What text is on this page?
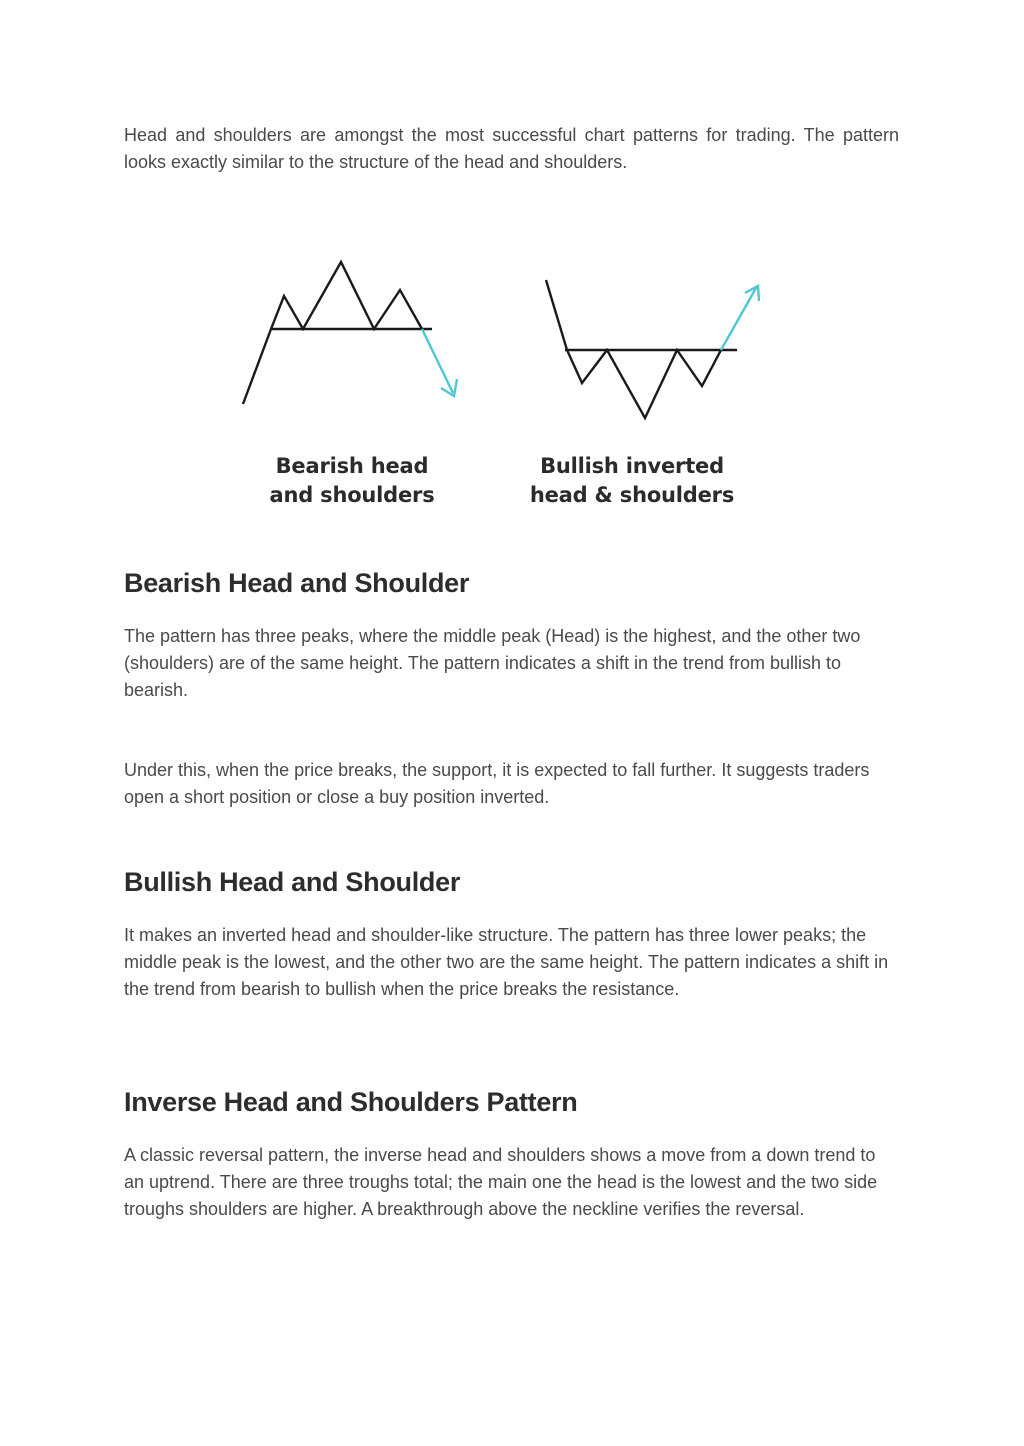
Head and shoulders are amongst the most successful chart patterns for trading. The pattern looks exactly similar to the structure of the head and shoulders.

Bearish head
and shoulders
Bullish inverted
head & shoulders
Bearish Head and Shoulder

The pattern has three peaks, where the middle peak (Head) is the highest, and the other two (shoulders) are of the same height. The pattern indicates a shift in the trend from bullish to bearish.

Under this, when the price breaks, the support, it is expected to fall further. It suggests traders open a short position or close a buy position inverted.

Bullish Head and Shoulder

It makes an inverted head and shoulder-like structure. The pattern has three lower peaks; the middle peak is the lowest, and the other two are the same height. The pattern indicates a shift in the trend from bearish to bullish when the price breaks the resistance.

Inverse Head and Shoulders Pattern

A classic reversal pattern, the inverse head and shoulders shows a move from a down trend to an uptrend. There are three troughs total; the main one the head is the lowest and the two side troughs shoulders are higher. A breakthrough above the neckline verifies the reversal.
